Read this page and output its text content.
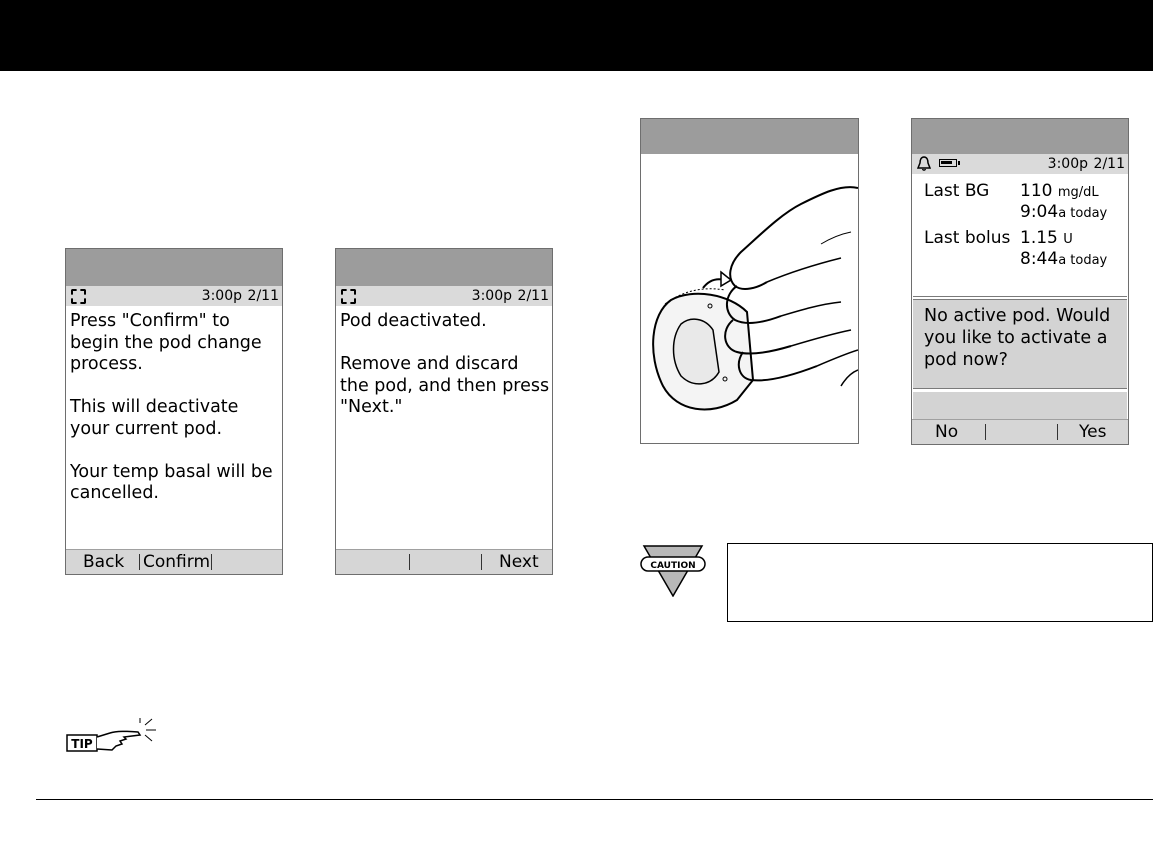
3:00p 2/11

Press "Confirm" to begin the pod change process.

This will deactivate your current pod.

Your temp basal will be cancelled.

Back Confirm
3:00p 2/11

Pod deactivated.

Remove and discard the pod, and then press "Next."

Next
3:00p 2/11
Last BG 110 mg/dL
9:04a today
Last bolus 1.15 U
8:44a today
No active pod. Would you like to activate a pod now?
No	Yes
CAUTION
TIP
